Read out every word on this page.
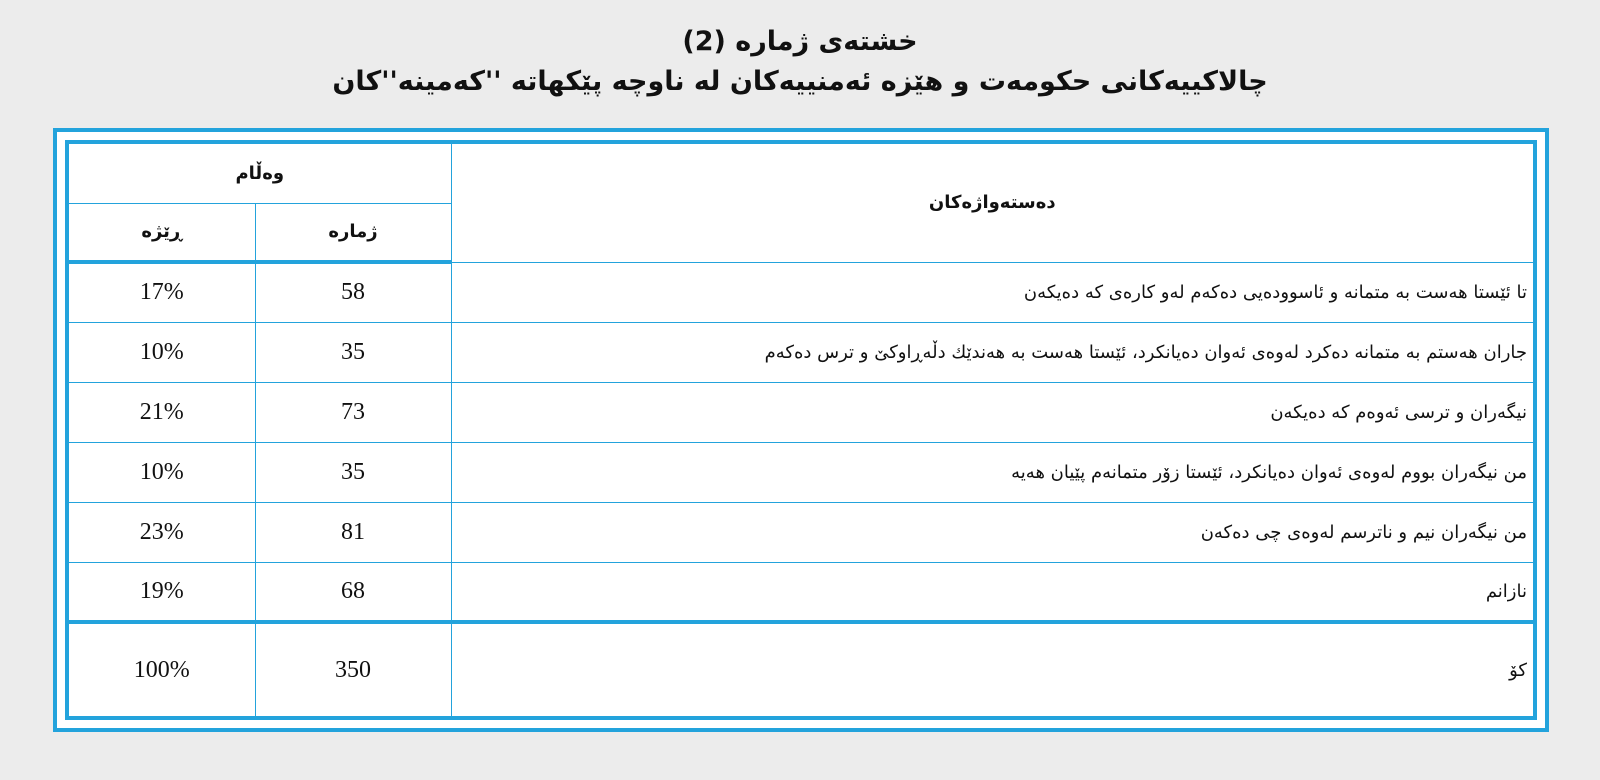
خشتەی ژمارە (2)
چالاكییەكانی حكومەت و هێزە ئەمنییەكان لە ناوچە پێكهاتە ''كەمینە''كان
وەڵام		دەستەواژەكان
ڕێژە	ژمارە	
17%	58	تا ئێستا هەست بە متمانە و ئاسوودەیی دەكەم لەو كارەی كە دەیكەن
10%	35	جاران هەستم بە متمانە دەكرد لەوەی ئەوان دەیانكرد، ئێستا هەست بە هەندێك دڵەڕاوكێ و ترس دەكەم
21%	73	نیگەران و ترسی ئەوەم كە دەیكەن
10%	35	من نیگەران بووم لەوەی ئەوان دەیانكرد، ئێستا زۆر متمانەم پێیان هەیە
23%	81	من نیگەران نیم و ناترسم لەوەی چی دەكەن
19%	68	نازانم
100%	350	كۆ
